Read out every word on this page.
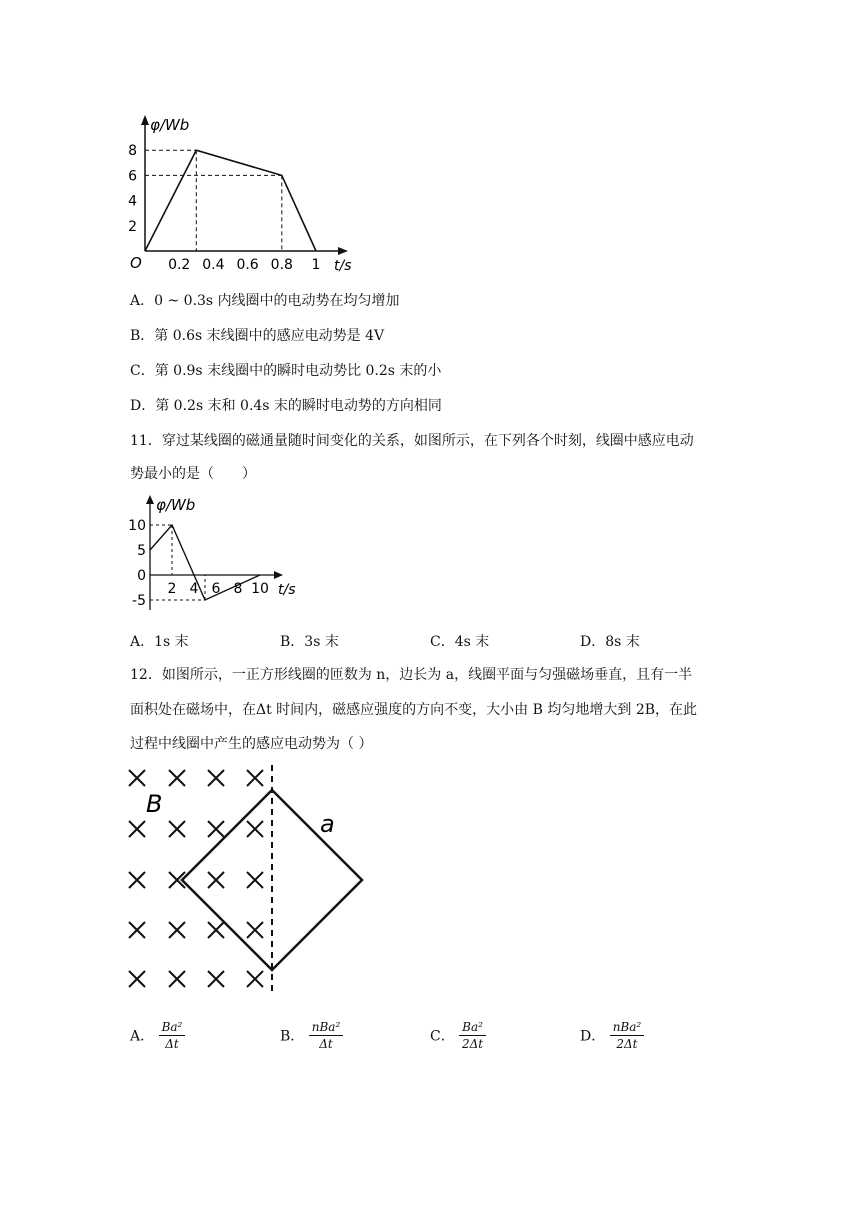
φ/Wb
t/s
O 0.2 0.4 0.6 0.8 1
2
4
6
8
A．0 ~ 0.3s 内线圈中的电动势在均匀增加
B．第 0.6s 末线圈中的感应电动势是 4V
C．第 0.9s 末线圈中的瞬时电动势比 0.2s 末的小
D．第 0.2s 末和 0.4s 末的瞬时电动势的方向相同
11．穿过某线圈的磁通量随时间变化的关系，如图所示，在下列各个时刻，线圈中感应电动
势最小的是（　　）
φ/Wb
t/s
2 4 6 8 10
10
5
0
-5
A．1s 末	B．3s 末	C．4s 末	D．8s 末
12．如图所示，一正方形线圈的匝数为 n，边长为 a，线圈平面与匀强磁场垂直，且有一半
面积处在磁场中，在Δt 时间内，磁感应强度的方向不变，大小由 B 均匀地增大到 2B，在此
过程中线圈中产生的感应电动势为（ ）
B
a
A． $\frac{\text{Ba²}}{\Delta t}$	B． $\frac{\text{nBa²}}{\Delta t}$	C． $\frac{\text{Ba²}}{2\Delta t}$	D． $\frac{\text{nBa²}}{2\Delta t}$
